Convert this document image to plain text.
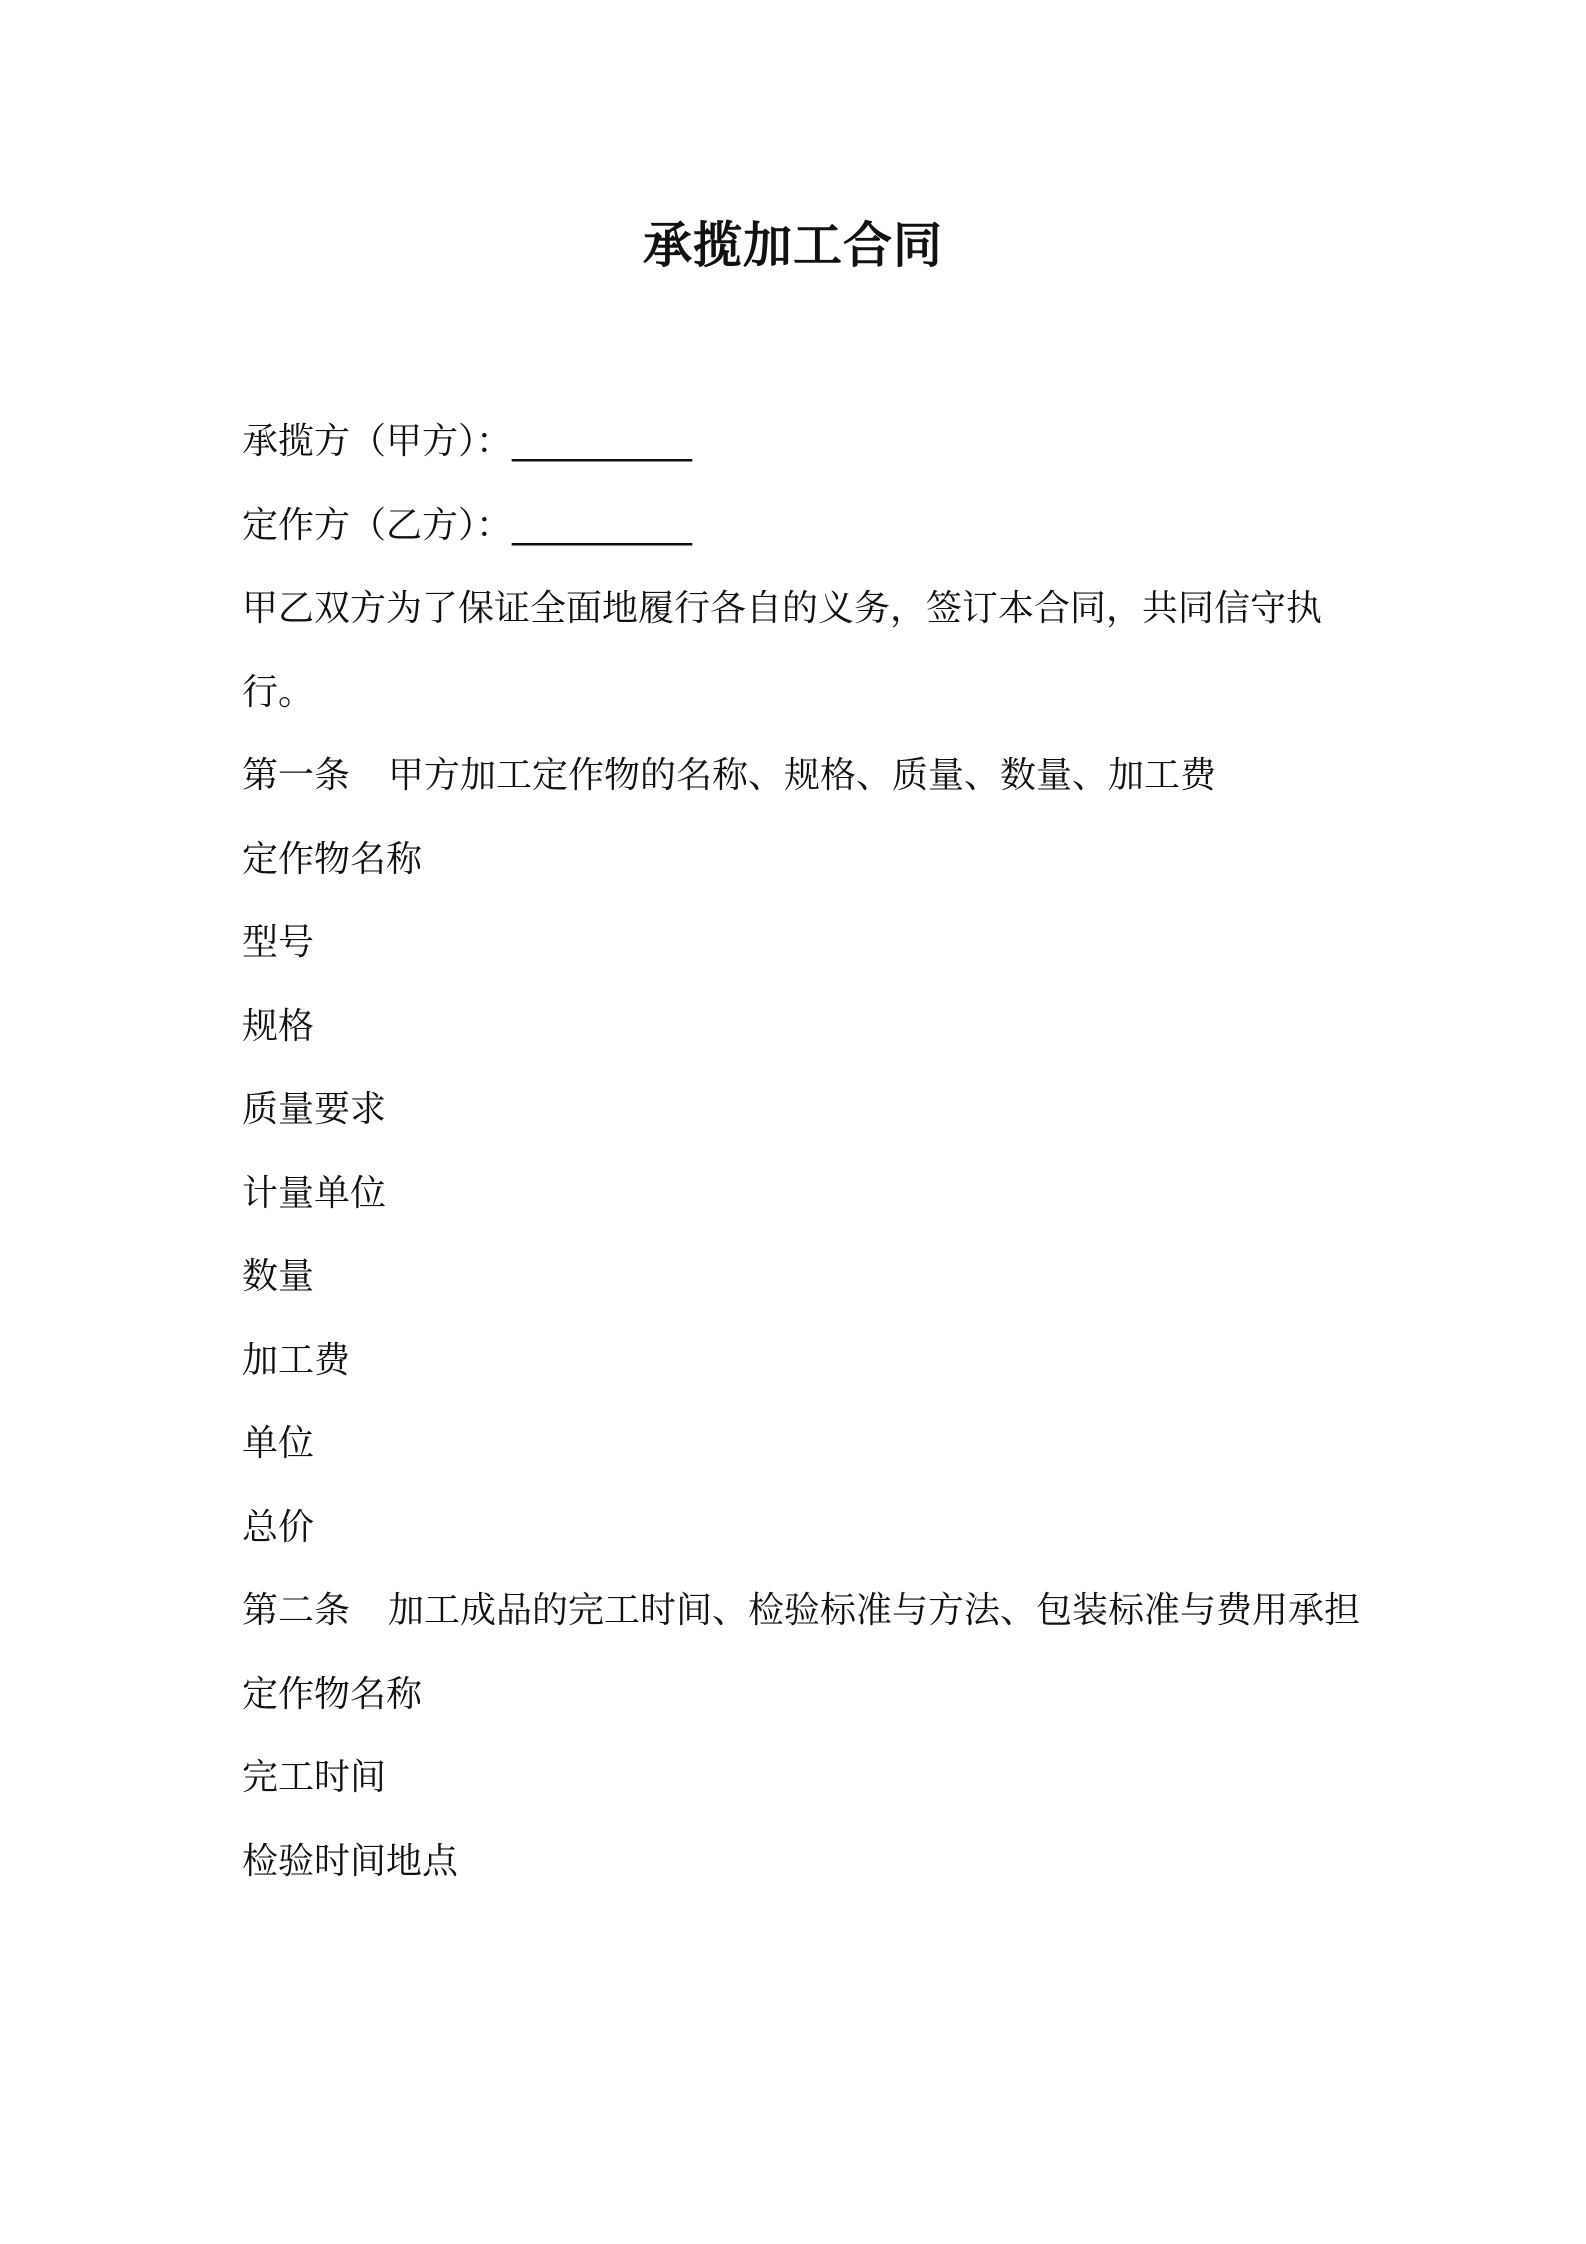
承揽加工合同

承揽方（甲方）：__________

定作方（乙方）：__________

甲乙双方为了保证全面地履行各自的义务，签订本合同，共同信守执行。

第一条 甲方加工定作物的名称、规格、质量、数量、加工费

定作物名称

型号

规格

质量要求

计量单位

数量

加工费

单位

总价

第二条 加工成品的完工时间、检验标准与方法、包装标准与费用承担

定作物名称

完工时间

检验时间地点
